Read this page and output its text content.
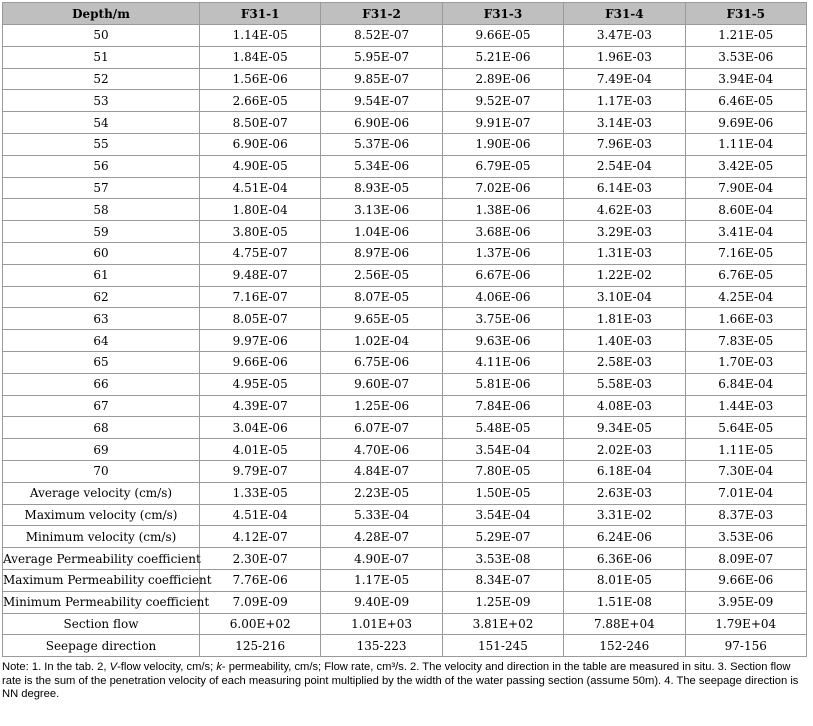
Depth/m	F31-1	F31-2	F31-3	F31-4	F31-5
50	1.14E-05	8.52E-07	9.66E-05	3.47E-03	1.21E-05
51	1.84E-05	5.95E-07	5.21E-06	1.96E-03	3.53E-06
52	1.56E-06	9.85E-07	2.89E-06	7.49E-04	3.94E-04
53	2.66E-05	9.54E-07	9.52E-07	1.17E-03	6.46E-05
54	8.50E-07	6.90E-06	9.91E-07	3.14E-03	9.69E-06
55	6.90E-06	5.37E-06	1.90E-06	7.96E-03	1.11E-04
56	4.90E-05	5.34E-06	6.79E-05	2.54E-04	3.42E-05
57	4.51E-04	8.93E-05	7.02E-06	6.14E-03	7.90E-04
58	1.80E-04	3.13E-06	1.38E-06	4.62E-03	8.60E-04
59	3.80E-05	1.04E-06	3.68E-06	3.29E-03	3.41E-04
60	4.75E-07	8.97E-06	1.37E-06	1.31E-03	7.16E-05
61	9.48E-07	2.56E-05	6.67E-06	1.22E-02	6.76E-05
62	7.16E-07	8.07E-05	4.06E-06	3.10E-04	4.25E-04
63	8.05E-07	9.65E-05	3.75E-06	1.81E-03	1.66E-03
64	9.97E-06	1.02E-04	9.63E-06	1.40E-03	7.83E-05
65	9.66E-06	6.75E-06	4.11E-06	2.58E-03	1.70E-03
66	4.95E-05	9.60E-07	5.81E-06	5.58E-03	6.84E-04
67	4.39E-07	1.25E-06	7.84E-06	4.08E-03	1.44E-03
68	3.04E-06	6.07E-07	5.48E-05	9.34E-05	5.64E-05
69	4.01E-05	4.70E-06	3.54E-04	2.02E-03	1.11E-05
70	9.79E-07	4.84E-07	7.80E-05	6.18E-04	7.30E-04
Average velocity (cm/s)	1.33E-05	2.23E-05	1.50E-05	2.63E-03	7.01E-04
Maximum velocity (cm/s)	4.51E-04	5.33E-04	3.54E-04	3.31E-02	8.37E-03
Minimum velocity (cm/s)	4.12E-07	4.28E-07	5.29E-07	6.24E-06	3.53E-06
Average Permeability coefficient	2.30E-07	4.90E-07	3.53E-08	6.36E-06	8.09E-07
Maximum Permeability coefficient	7.76E-06	1.17E-05	8.34E-07	8.01E-05	9.66E-06
Minimum Permeability coefficient	7.09E-09	9.40E-09	1.25E-09	1.51E-08	3.95E-09
Section flow	6.00E+02	1.01E+03	3.81E+02	7.88E+04	1.79E+04
Seepage direction	125-216	135-223	151-245	152-246	97-156
Note: 1. In the tab. 2, V-flow velocity, cm/s; k- permeability, cm/s; Flow rate, cm³/s. 2. The velocity and direction in the table are measured in situ. 3. Section flow rate is the sum of the penetration velocity of each measuring point multiplied by the width of the water passing section (assume 50m). 4. The seepage direction is NN degree.
